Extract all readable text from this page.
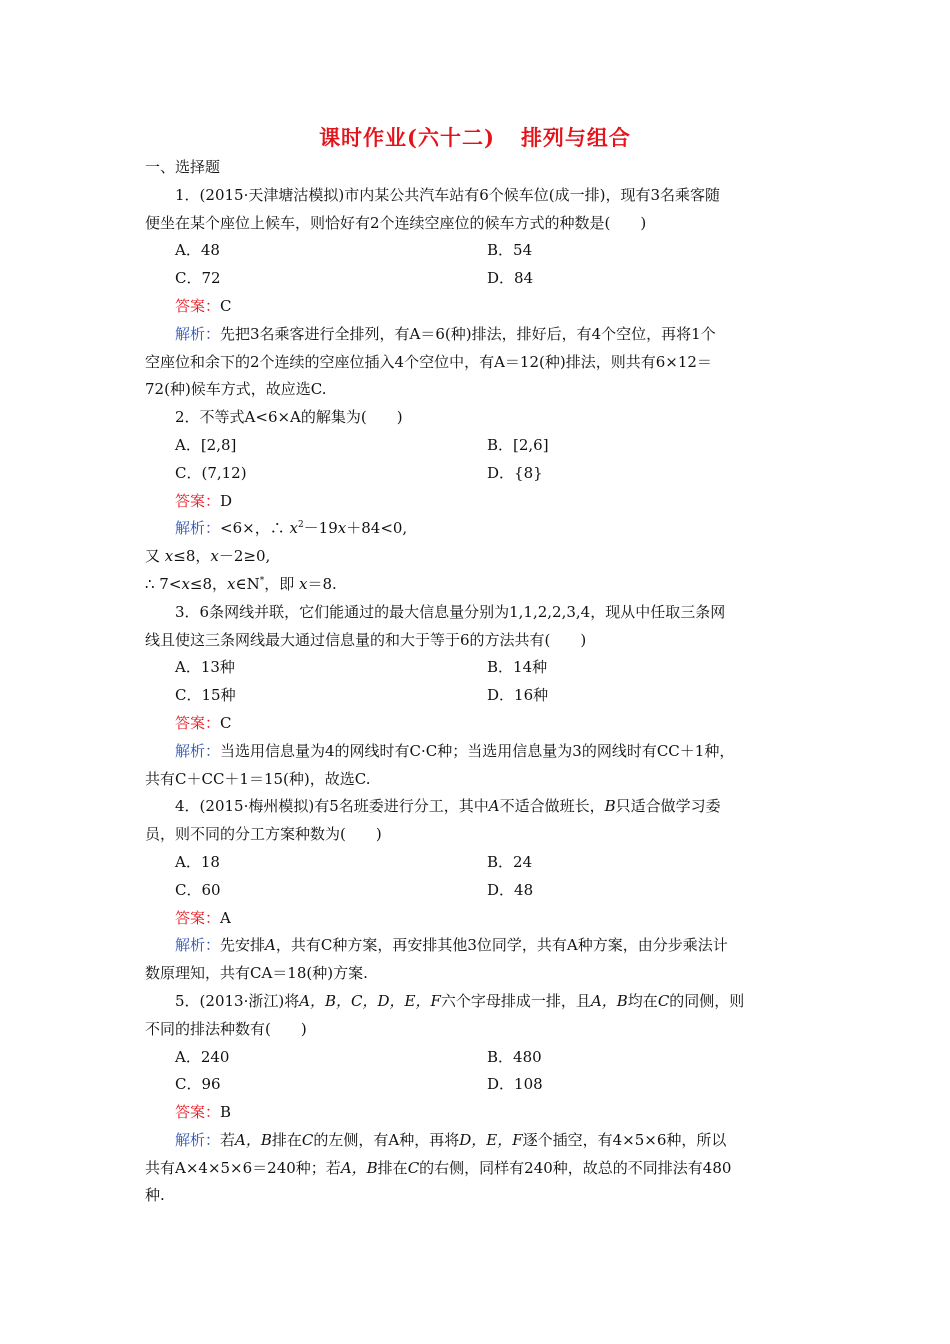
课时作业(六十二) 排列与组合
一、选择题
1．(2015·天津塘沽模拟)市内某公共汽车站有6个候车位(成一排)，现有3名乘客随
便坐在某个座位上候车，则恰好有2个连续空座位的候车方式的种数是(　　)
A．48	B．54
C．72	D．84
答案：C
解析：先把3名乘客进行全排列，有A＝6(种)排法，排好后，有4个空位，再将1个
空座位和余下的2个连续的空座位插入4个空位中，有A＝12(种)排法，则共有6×12＝
72(种)候车方式，故应选C.
2．不等式A<6×A的解集为(　　)
A．[2,8]	B．[2,6]
C．(7,12)	D．{8}
答案：D
解析：<6×，∴ $x^2-19x+84<0$,
又 x≤8，x－2≥0,
∴ 7<x≤8，x∈N*，即 x＝8.
3．6条网线并联，它们能通过的最大信息量分别为1,1,2,2,3,4，现从中任取三条网
线且使这三条网线最大通过信息量的和大于等于6的方法共有(　　)
A．13种	B．14种
C．15种	D．16种
答案：C
解析：当选用信息量为4的网线时有C·C种；当选用信息量为3的网线时有CC＋1种，
共有C＋CC＋1＝15(种)，故选C.
4．(2015·梅州模拟)有5名班委进行分工，其中A不适合做班长，B只适合做学习委
员，则不同的分工方案种数为(　　)
A．18	B．24
C．60	D．48
答案：A
解析：先安排A，共有C种方案，再安排其他3位同学，共有A种方案，由分步乘法计
数原理知，共有CA＝18(种)方案.
5．(2013·浙江)将A，B，C，D，E，F六个字母排成一排，且A，B均在C的同侧，则
不同的排法种数有(　　)
A．240	B．480
C．96	D．108
答案：B
解析：若A，B排在C的左侧，有A种，再将D，E，F逐个插空，有4×5×6种，所以
共有A×4×5×6＝240种；若A，B排在C的右侧，同样有240种，故总的不同排法有480
种.
